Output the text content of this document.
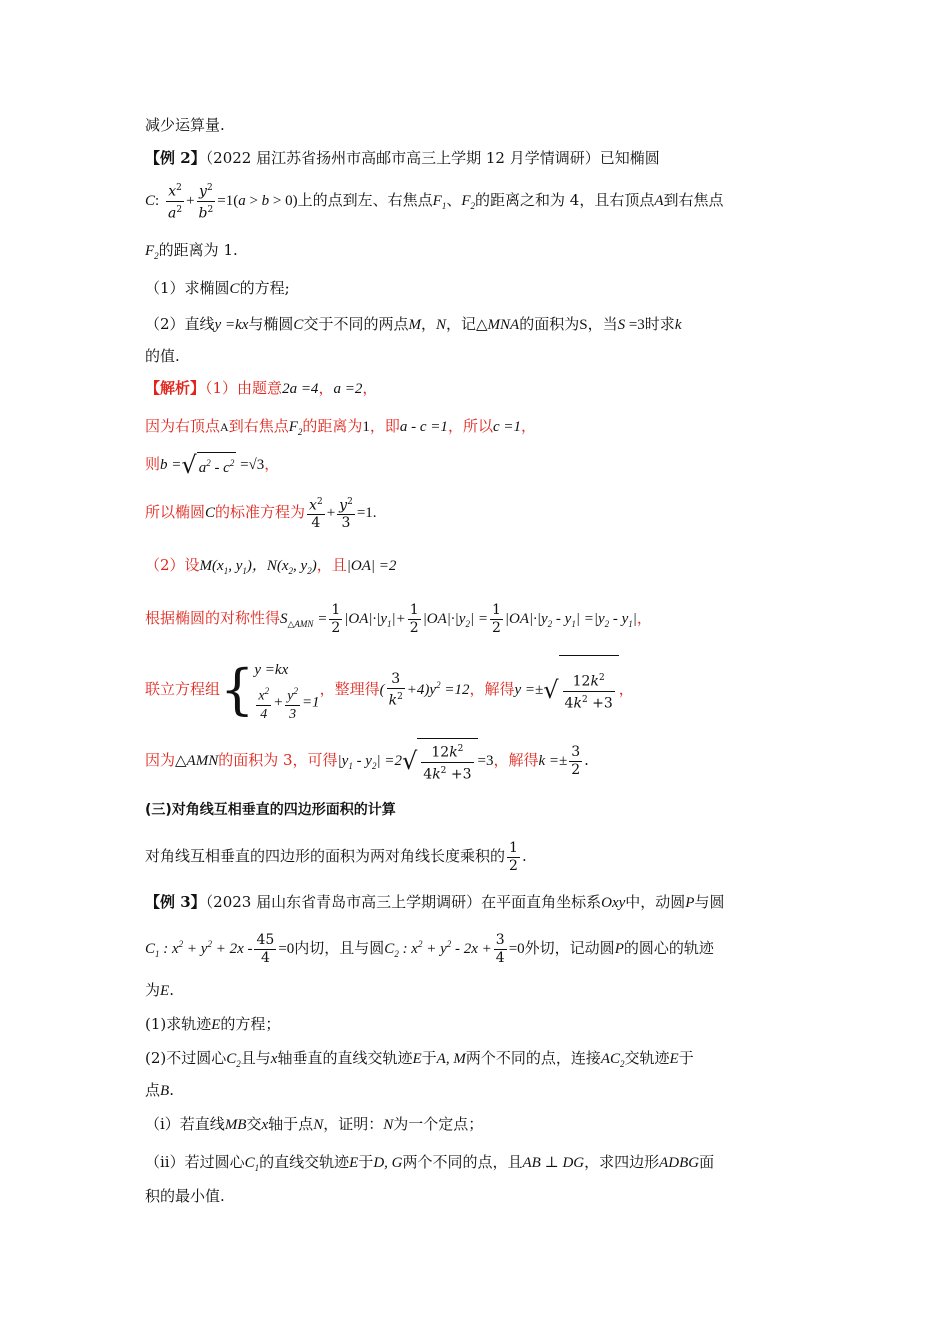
减少运算量.
【例 2】（2022 届江苏省扬州市高邮市高三上学期 12 月学情调研）已知椭圆
C: $\frac{x^2}{a^2} + \frac{y^2}{b^2} =1(a > b > 0)$上的点到左、右焦点$F_1$、$F_2$的距离之和为 4，且右顶点A到右焦点
$F_2$的距离为 1.
（1）求椭圆C的方程;
（2）直线y =kx与椭圆C交于不同的两点M，N，记△MNA的面积为S，当S =3时求k
的值.
【解析】（1）由题意2a =4，a =2，
因为右顶点A到右焦点$F_2$的距离为1，即a - c =1，所以c =1，
则b =√ $a^2 - c^2 =√3$，
所以椭圆C的标准方程为 $\frac{x^2}{4} + \frac{y^2}{3} =1$.
（2）设$M(x_1$, $y_1$)，$N(x_2$, $y_2$)，且|OA| =2
根据椭圆的对称性得$S_{\triangle AMN} = \frac{1}{2} |OA|\cdot|y_1|+ \frac{1}{2} |OA|\cdot|y_2| = \frac{1}{2} |OA|\cdot|y_2 - y_1| =|y_2 - y_1|$，
联立方程组{ y =kx
$\frac{x^2}{4} + \frac{y^2}{3} =1$
，整理得( $\frac{3}{k^2} +4)y^2 =12$，解得y =±√ $\frac{12k^2}{4k^2 +3}$ ，
因为△AMN的面积为 3，可得$|y_1 - y_2| =2√ \frac{12k^2}{4k^2 +3} =3$，解得$k =\pm \frac{3}{2}$ .
(三)对角线互相垂直的四边形面积的计算
对角线互相垂直的四边形的面积为两对角线长度乘积的 $\frac{1}{2}$ .
【例 3】（2023 届山东省青岛市高三上学期调研）在平面直角坐标系Oxy中，动圆P与圆
$C_1$ : $x^2 + y^2 + 2x - \frac{45}{4} =0$内切，且与圆$C_2$ : $x^2 + y^2 - 2x + \frac{3}{4} =0$外切，记动圆P的圆心的轨迹
为E.
(1)求轨迹E的方程；
(2)不过圆心$C_2$且与x轴垂直的直线交轨迹E于A, M两个不同的点，连接$AC_2$交轨迹E于
点B.
（i）若直线MB交x轴于点N，证明：N为一个定点；
（ii）若过圆心$C_1$的直线交轨迹E于D, G两个不同的点，且AB ⊥ DG，求四边形ADBG面
积的最小值.
